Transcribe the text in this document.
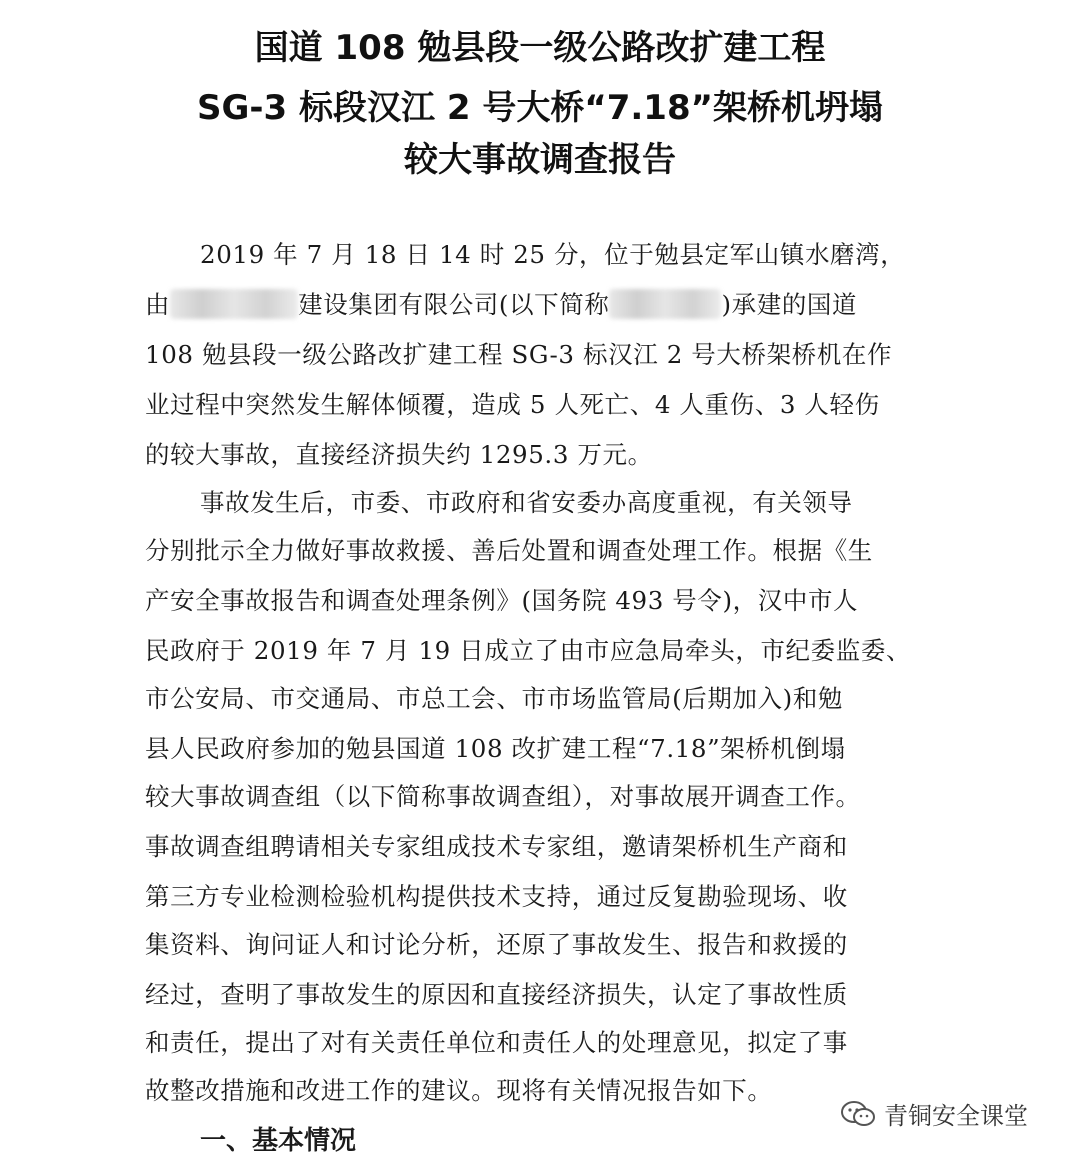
国道 108 勉县段一级公路改扩建工程
SG-3 标段汉江 2 号大桥“7.18”架桥机坍塌
较大事故调查报告
2019 年 7 月 18 日 14 时 25 分，位于勉县定军山镇水磨湾，
由	建设集团有限公司(以下简称	)承建的国道
108 勉县段一级公路改扩建工程 SG-3 标汉江 2 号大桥架桥机在作
业过程中突然发生解体倾覆，造成 5 人死亡、4 人重伤、3 人轻伤
的较大事故，直接经济损失约 1295.3 万元。
事故发生后，市委、市政府和省安委办高度重视，有关领导
分别批示全力做好事故救援、善后处置和调查处理工作。根据《生
产安全事故报告和调查处理条例》(国务院 493 号令)，汉中市人
民政府于 2019 年 7 月 19 日成立了由市应急局牵头，市纪委监委、
市公安局、市交通局、市总工会、市市场监管局(后期加入)和勉
县人民政府参加的勉县国道 108 改扩建工程“7.18”架桥机倒塌
较大事故调查组（以下简称事故调查组），对事故展开调查工作。
事故调查组聘请相关专家组成技术专家组，邀请架桥机生产商和
第三方专业检测检验机构提供技术支持，通过反复勘验现场、收
集资料、询问证人和讨论分析，还原了事故发生、报告和救援的
经过，查明了事故发生的原因和直接经济损失，认定了事故性质
和责任，提出了对有关责任单位和责任人的处理意见，拟定了事
故整改措施和改进工作的建议。现将有关情况报告如下。
一、基本情况
青铜安全课堂
